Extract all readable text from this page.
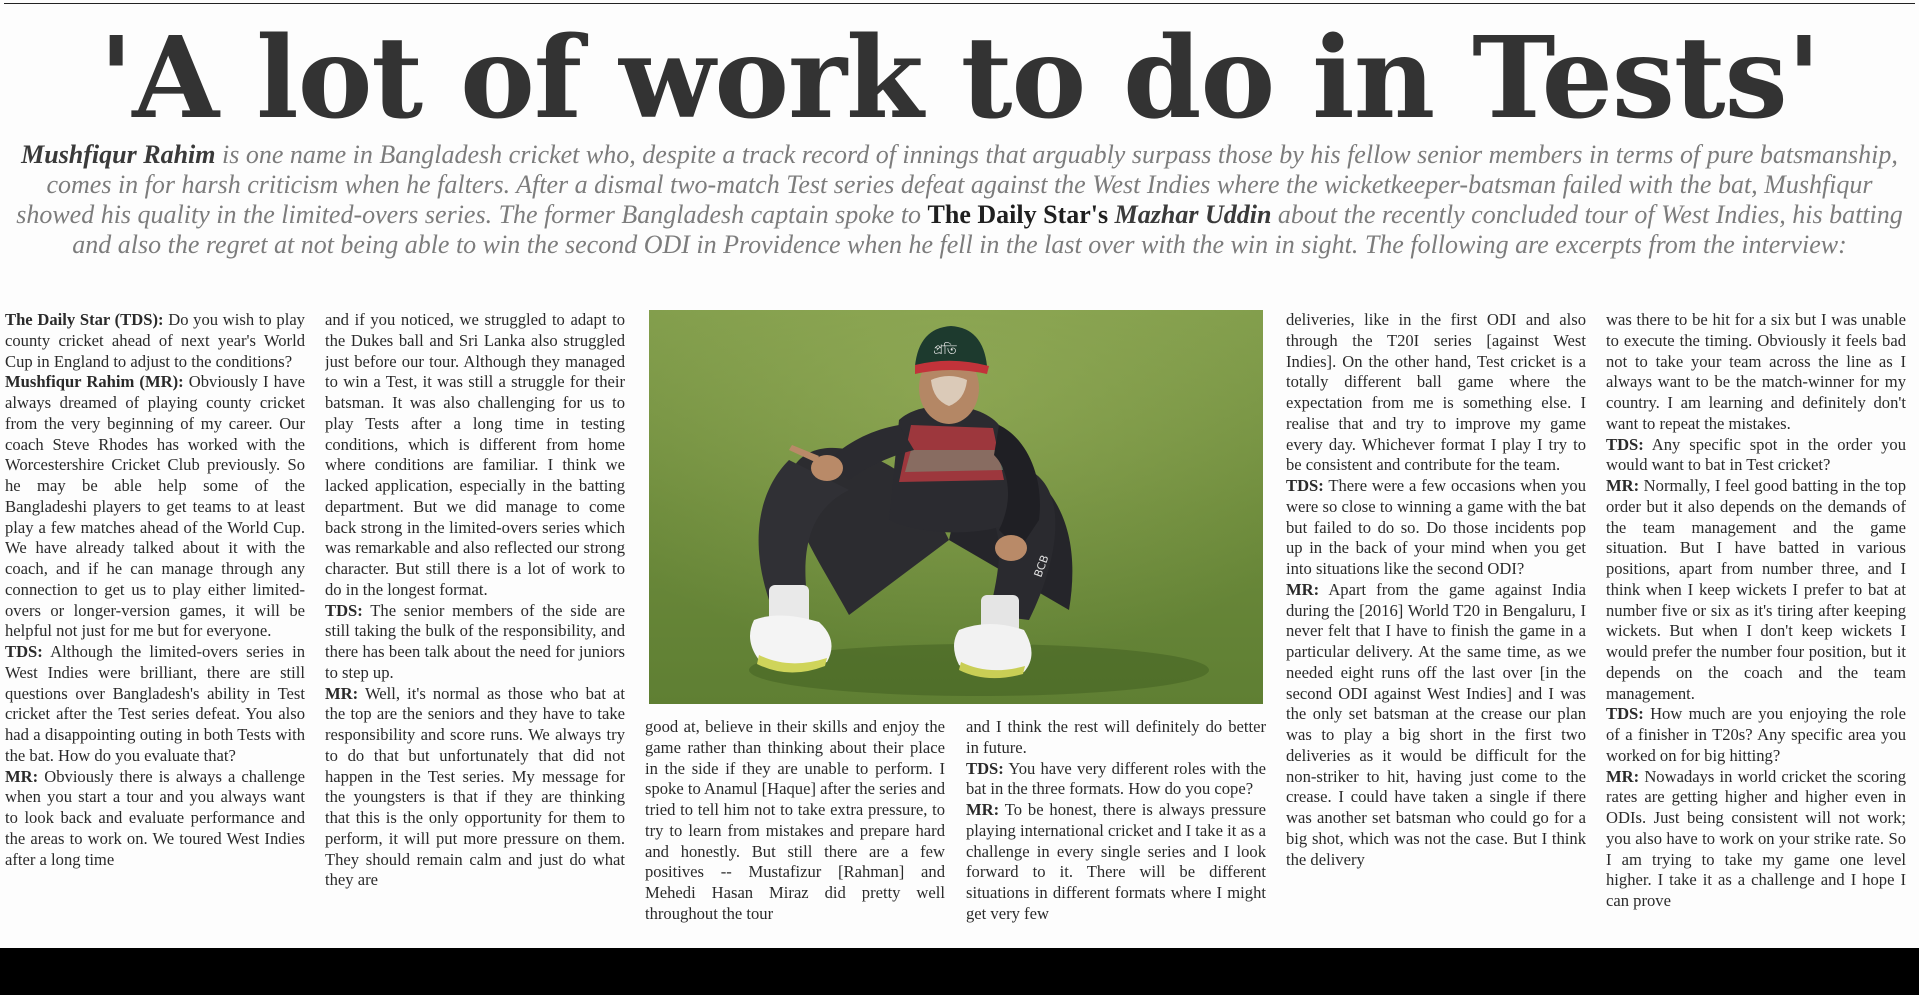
'A lot of work to do in Tests'
Mushfiqur Rahim is one name in Bangladesh cricket who, despite a track record of innings that arguably surpass those by his fellow senior members in terms of pure batsmanship, comes in for harsh criticism when he falters. After a dismal two-match Test series defeat against the West Indies where the wicketkeeper-batsman failed with the bat, Mushfiqur showed his quality in the limited-overs series. The former Bangladesh captain spoke to The Daily Star's Mazhar Uddin about the recently concluded tour of West Indies, his batting and also the regret at not being able to win the second ODI in Providence when he fell in the last over with the win in sight. The following are excerpts from the interview:

The Daily Star (TDS): Do you wish to play county cricket ahead of next year's World Cup in England to adjust to the conditions?

Mushfiqur Rahim (MR): Obviously I have always dreamed of playing county cricket from the very beginning of my career. Our coach Steve Rhodes has worked with the Worcestershire Cricket Club previously. So he may be able help some of the Bangladeshi players to get teams to at least play a few matches ahead of the World Cup. We have already talked about it with the coach, and if he can manage through any connection to get us to play either limited-overs or longer-version games, it will be helpful not just for me but for everyone.

TDS: Although the limited-overs series in West Indies were brilliant, there are still questions over Bangladesh's ability in Test cricket after the Test series defeat. You also had a disappointing outing in both Tests with the bat. How do you evaluate that?

MR: Obviously there is always a challenge when you start a tour and you always want to look back and evaluate performance and the areas to work on. We toured West Indies after a long time

and if you noticed, we struggled to adapt to the Dukes ball and Sri Lanka also struggled just before our tour. Although they managed to win a Test, it was still a struggle for their batsman. It was also challenging for us to play Tests after a long time in testing conditions, which is different from home where conditions are familiar. I think we lacked application, especially in the batting department. But we did manage to come back strong in the limited-overs series which was remarkable and also reflected our strong character. But still there is a lot of work to do in the longest format.

TDS: The senior members of the side are still taking the bulk of the responsibility, and there has been talk about the need for juniors to step up.

MR: Well, it's normal as those who bat at the top are the seniors and they have to take responsibility and score runs. We always try to do that but unfortunately that did not happen in the Test series. My message for the youngsters is that if they are thinking that this is the only opportunity for them to perform, it will put more pressure on them. They should remain calm and just do what they are

প্রতি
BCB

good at, believe in their skills and enjoy the game rather than thinking about their place in the side if they are unable to perform. I spoke to Anamul [Haque] after the series and tried to tell him not to take extra pressure, to try to learn from mistakes and prepare hard and honestly. But still there are a few positives -- Mustafizur [Rahman] and Mehedi Hasan Miraz did pretty well throughout the tour

and I think the rest will definitely do better in future.

TDS: You have very different roles with the bat in the three formats. How do you cope?

MR: To be honest, there is always pressure playing international cricket and I take it as a challenge in every single series and I look forward to it. There will be different situations in different formats where I might get very few

deliveries, like in the first ODI and also through the T20I series [against West Indies]. On the other hand, Test cricket is a totally different ball game where the expectation from me is something else. I realise that and try to improve my game every day. Whichever format I play I try to be consistent and contribute for the team.

TDS: There were a few occasions when you were so close to winning a game with the bat but failed to do so. Do those incidents pop up in the back of your mind when you get into situations like the second ODI?

MR: Apart from the game against India during the [2016] World T20 in Bengaluru, I never felt that I have to finish the game in a particular delivery. At the same time, as we needed eight runs off the last over [in the second ODI against West Indies] and I was the only set batsman at the crease our plan was to play a big short in the first two deliveries as it would be difficult for the non-striker to hit, having just come to the crease. I could have taken a single if there was another set batsman who could go for a big shot, which was not the case. But I think the delivery

was there to be hit for a six but I was unable to execute the timing. Obviously it feels bad not to take your team across the line as I always want to be the match-winner for my country. I am learning and definitely don't want to repeat the mistakes.

TDS: Any specific spot in the order you would want to bat in Test cricket?

MR: Normally, I feel good batting in the top order but it also depends on the demands of the team management and the game situation. But I have batted in various positions, apart from number three, and I think when I keep wickets I prefer to bat at number five or six as it's tiring after keeping wickets. But when I don't keep wickets I would prefer the number four position, but it depends on the coach and the team management.

TDS: How much are you enjoying the role of a finisher in T20s? Any specific area you worked on for big hitting?

MR: Nowadays in world cricket the scoring rates are getting higher and higher even in ODIs. Just being consistent will not work; you also have to work on your strike rate. So I am trying to take my game one level higher. I take it as a challenge and I hope I can prove
